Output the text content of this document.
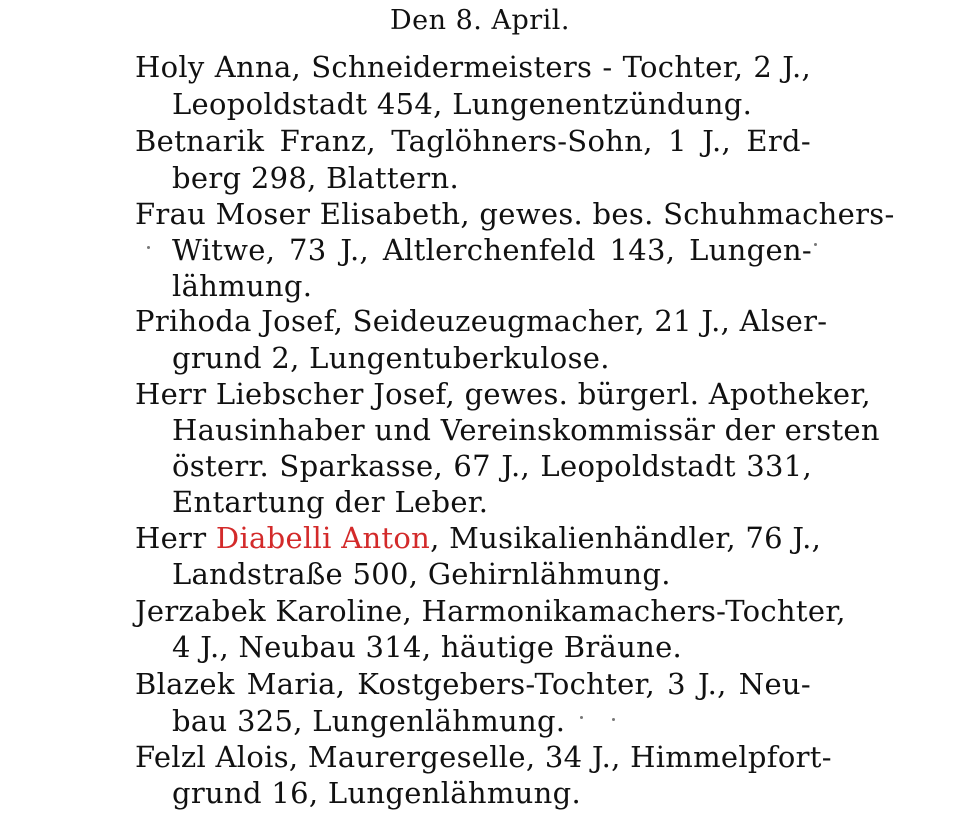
Den 8. April.
Holy Anna, Schneidermeisters - Tochter, 2 J.,
Leopoldstadt 454, Lungenentzündung.
Betnarik Franz, Taglöhners-Sohn, 1 J., Erd-
berg 298, Blattern.
Frau Moser Elisabeth, gewes. bes. Schuhmachers-
Witwe, 73 J., Altlerchenfeld 143, Lungen-
lähmung.
Prihoda Josef, Seideuzeugmacher, 21 J., Alser-
grund 2, Lungentuberkulose.
Herr Liebscher Josef, gewes. bürgerl. Apotheker,
Hausinhaber und Vereinskommissär der ersten
österr. Sparkasse, 67 J., Leopoldstadt 331,
Entartung der Leber.
Herr Diabelli Anton, Musikalienhändler, 76 J.,
Landstraße 500, Gehirnlähmung.
Jerzabek Karoline, Harmonikamachers-Tochter,
4 J., Neubau 314, häutige Bräune.
Blazek Maria, Kostgebers-Tochter, 3 J., Neu-
bau 325, Lungenlähmung.
Felzl Alois, Maurergeselle, 34 J., Himmelpfort-
grund 16, Lungenlähmung.
